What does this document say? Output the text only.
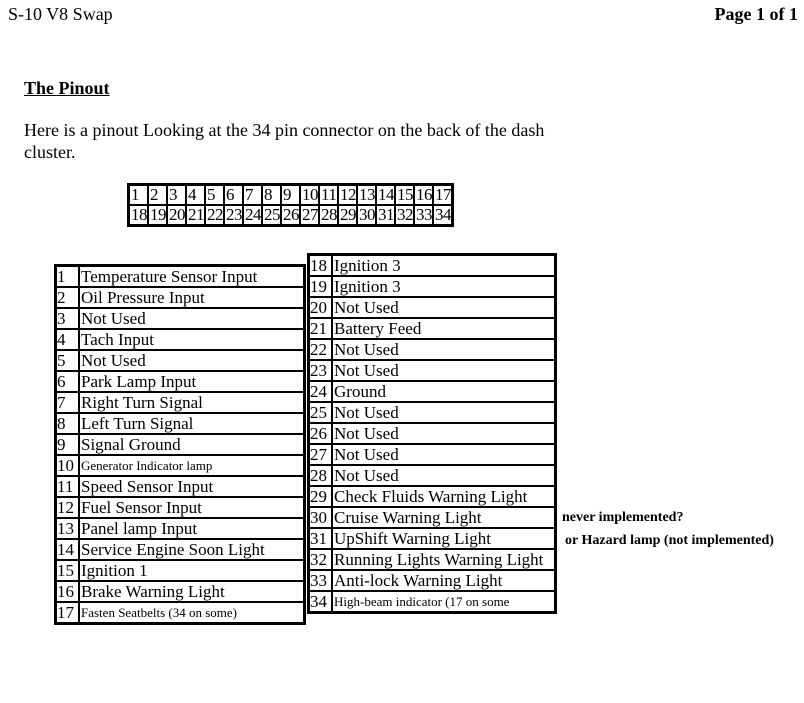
S-10 V8 Swap	Page 1 of 1
The Pinout
Here is a pinout Looking at the 34 pin connector on the back of the dash cluster.
1	2	3	4	5	6	7	8	9	10	11	12	13	14	15	16	17
18	19	20	21	22	23	24	25	26	27	28	29	30	31	32	33	34
1	Temperature Sensor Input
2	Oil Pressure Input
3	Not Used
4	Tach Input
5	Not Used
6	Park Lamp Input
7	Right Turn Signal
8	Left Turn Signal
9	Signal Ground
10	Generator Indicator lamp
11	Speed Sensor Input
12	Fuel Sensor Input
13	Panel lamp Input
14	Service Engine Soon Light
15	Ignition 1
16	Brake Warning Light
17	Fasten Seatbelts (34 on some)
18	Ignition 3
19	Ignition 3
20	Not Used
21	Battery Feed
22	Not Used
23	Not Used
24	Ground
25	Not Used
26	Not Used
27	Not Used
28	Not Used
29	Check Fluids Warning Light
30	Cruise Warning Light
31	UpShift Warning Light
32	Running Lights Warning Light
33	Anti-lock Warning Light
34	High-beam indicator (17 on some
never implemented?
or Hazard lamp (not implemented)
